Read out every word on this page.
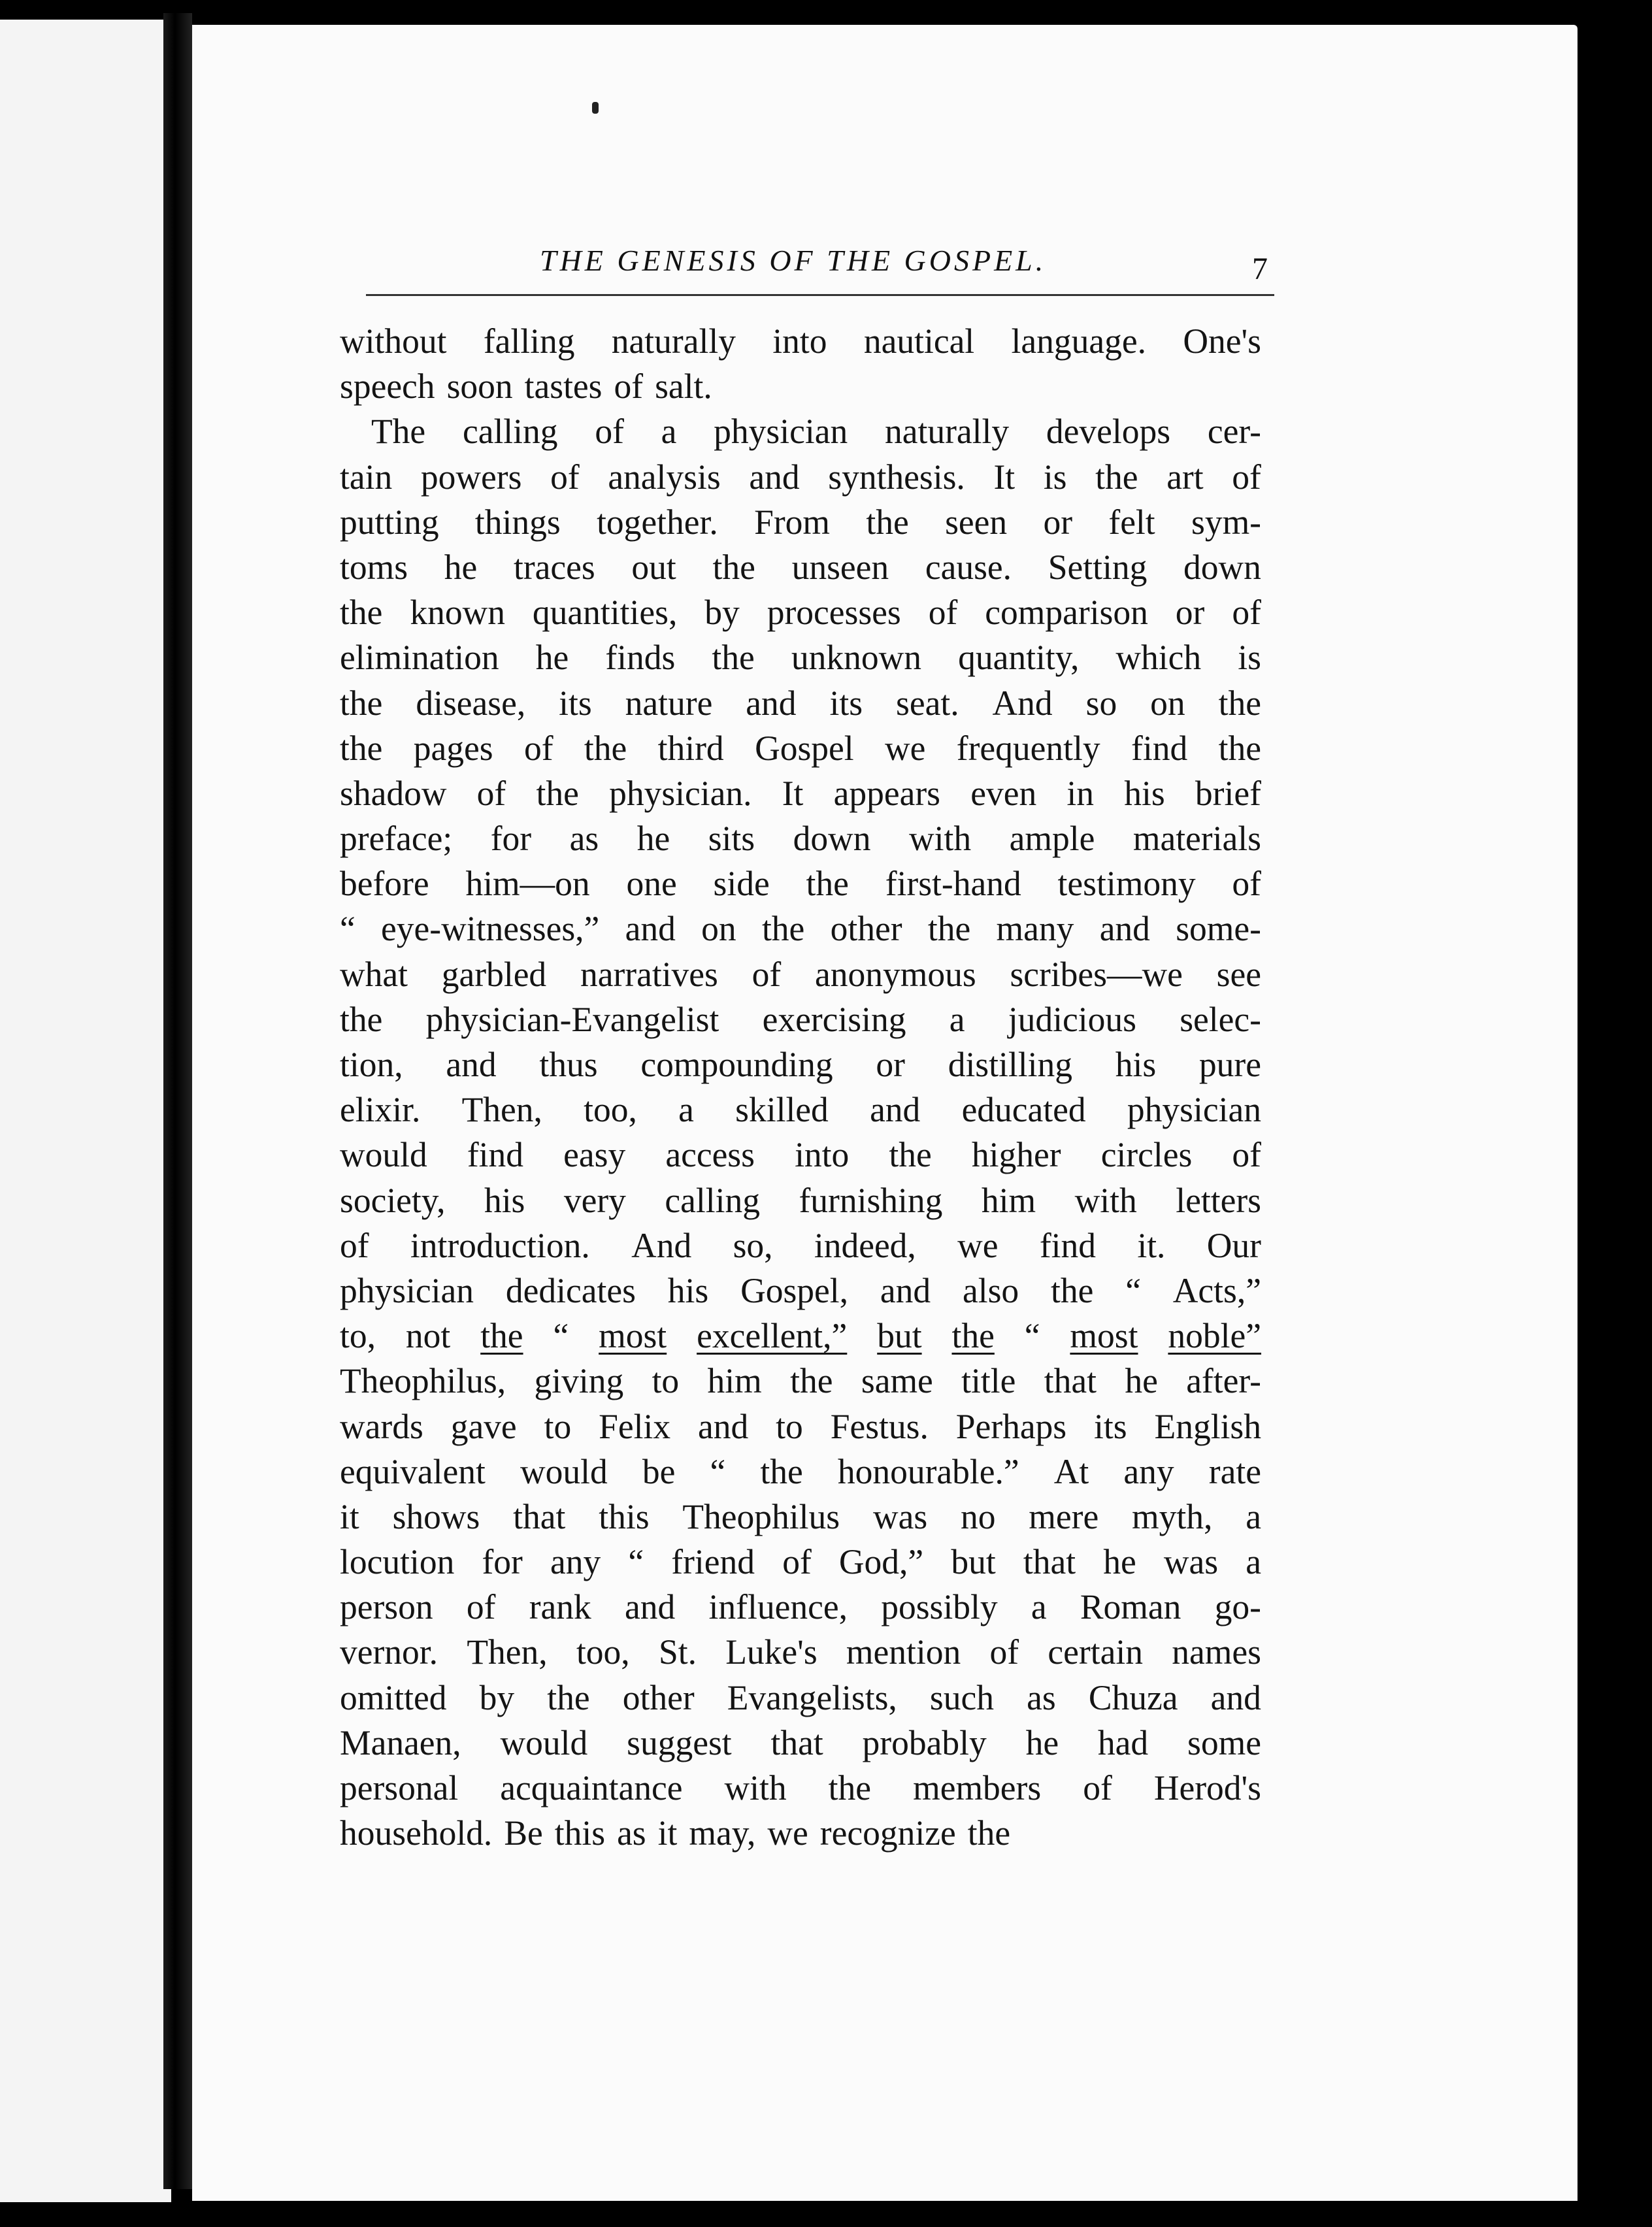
THE GENESIS OF THE GOSPEL.	7
without falling naturally into nautical language. One's
speech soon tastes of salt.
The calling of a physician naturally develops cer-
tain powers of analysis and synthesis. It is the art of
putting things together. From the seen or felt sym-
toms he traces out the unseen cause. Setting down
the known quantities, by processes of comparison or of
elimination he finds the unknown quantity, which is
the disease, its nature and its seat. And so on the
the pages of the third Gospel we frequently find the
shadow of the physician. It appears even in his brief
preface; for as he sits down with ample materials
before him—on one side the first-hand testimony of
“ eye-witnesses,” and on the other the many and some-
what garbled narratives of anonymous scribes—we see
the physician-Evangelist exercising a judicious selec-
tion, and thus compounding or distilling his pure
elixir. Then, too, a skilled and educated physician
would find easy access into the higher circles of
society, his very calling furnishing him with letters
of introduction. And so, indeed, we find it. Our
physician dedicates his Gospel, and also the “ Acts,”
to, not the “ most excellent,” but the “ most noble”
Theophilus, giving to him the same title that he after-
wards gave to Felix and to Festus. Perhaps its English
equivalent would be “ the honourable.” At any rate
it shows that this Theophilus was no mere myth, a
locution for any “ friend of God,” but that he was a
person of rank and influence, possibly a Roman go-
vernor. Then, too, St. Luke's mention of certain names
omitted by the other Evangelists, such as Chuza and
Manaen, would suggest that probably he had some
personal acquaintance with the members of Herod's
household. Be this as it may, we recognize the
